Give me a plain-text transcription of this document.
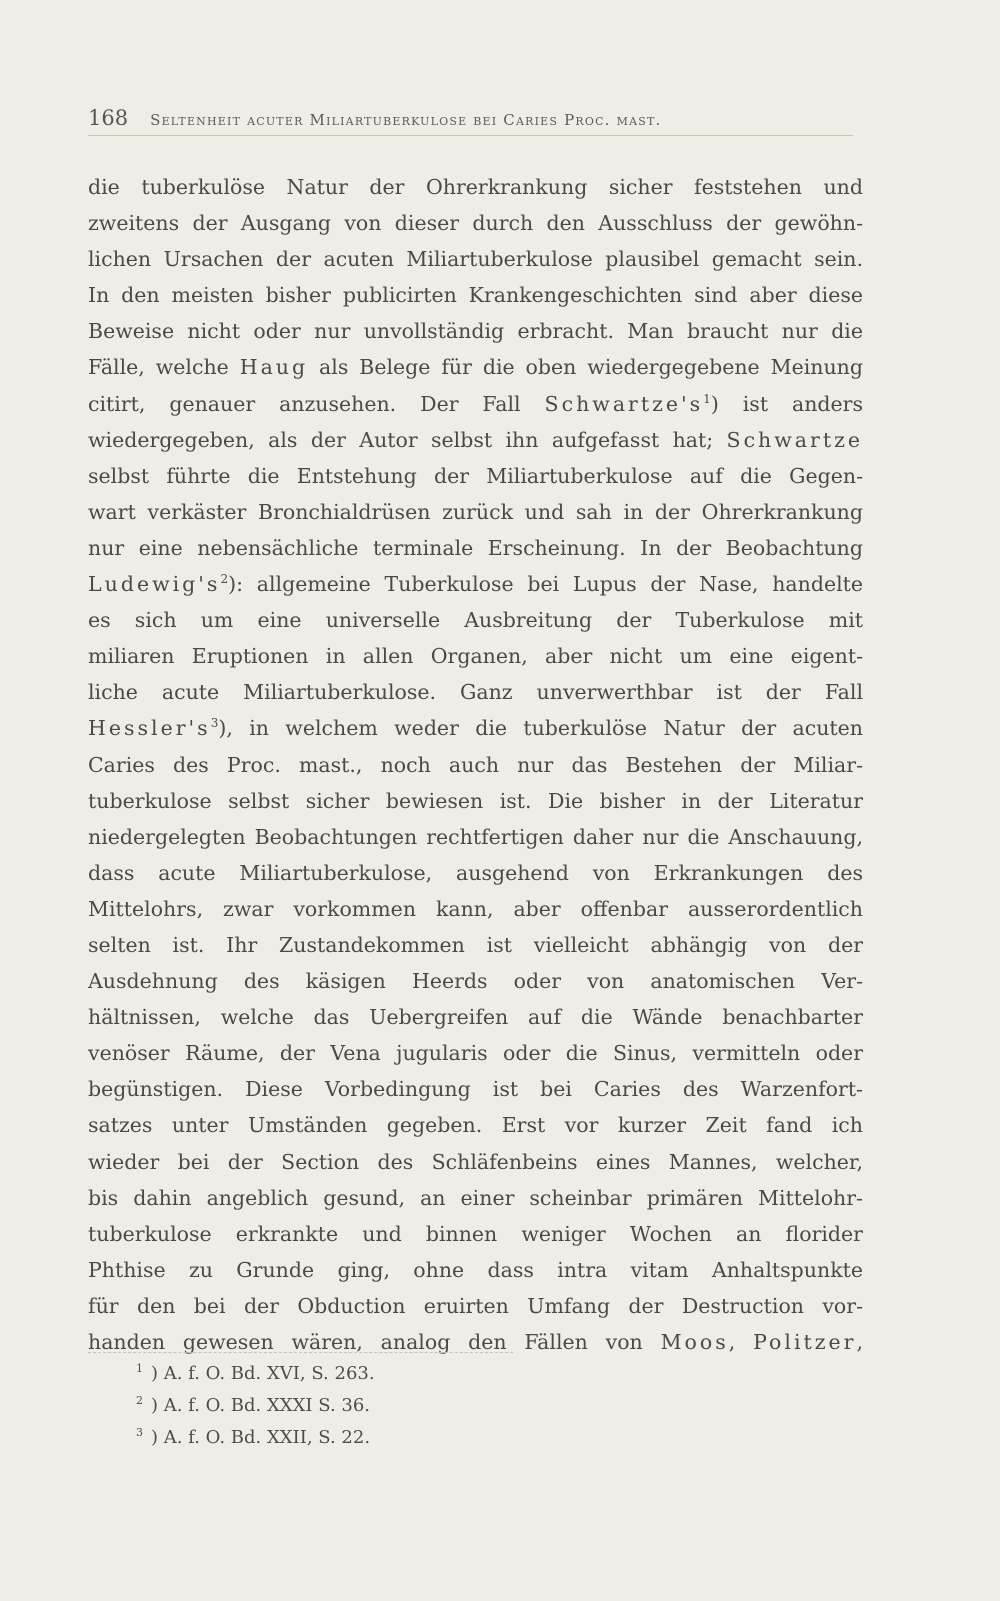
168 Seltenheit acuter Miliartuberkulose bei Caries Proc. mast.
die tuberkulöse Natur der Ohrerkrankung sicher feststehen und
zweitens der Ausgang von dieser durch den Ausschluss der gewöhn-
lichen Ursachen der acuten Miliartuberkulose plausibel gemacht sein.
In den meisten bisher publicirten Krankengeschichten sind aber diese
Beweise nicht oder nur unvollständig erbracht. Man braucht nur die
Fälle, welche Haug als Belege für die oben wiedergegebene Meinung
citirt, genauer anzusehen. Der Fall $Schwartze's^1$) ist anders
wiedergegeben, als der Autor selbst ihn aufgefasst hat; Schwartze
selbst führte die Entstehung der Miliartuberkulose auf die Gegen-
wart verkäster Bronchialdrüsen zurück und sah in der Ohrerkrankung
nur eine nebensächliche terminale Erscheinung. In der Beobachtung
$Ludewig's^2$): allgemeine Tuberkulose bei Lupus der Nase, handelte
es sich um eine universelle Ausbreitung der Tuberkulose mit
miliaren Eruptionen in allen Organen, aber nicht um eine eigent-
liche acute Miliartuberkulose. Ganz unverwerthbar ist der Fall
$Hessler's^3$), in welchem weder die tuberkulöse Natur der acuten
Caries des Proc. mast., noch auch nur das Bestehen der Miliar-
tuberkulose selbst sicher bewiesen ist. Die bisher in der Literatur
niedergelegten Beobachtungen rechtfertigen daher nur die Anschauung,
dass acute Miliartuberkulose, ausgehend von Erkrankungen des
Mittelohrs, zwar vorkommen kann, aber offenbar ausserordentlich
selten ist. Ihr Zustandekommen ist vielleicht abhängig von der
Ausdehnung des käsigen Heerds oder von anatomischen Ver-
hältnissen, welche das Uebergreifen auf die Wände benachbarter
venöser Räume, der Vena jugularis oder die Sinus, vermitteln oder
begünstigen. Diese Vorbedingung ist bei Caries des Warzenfort-
satzes unter Umständen gegeben. Erst vor kurzer Zeit fand ich
wieder bei der Section des Schläfenbeins eines Mannes, welcher,
bis dahin angeblich gesund, an einer scheinbar primären Mittelohr-
tuberkulose erkrankte und binnen weniger Wochen an florider
Phthise zu Grunde ging, ohne dass intra vitam Anhaltspunkte
für den bei der Obduction eruirten Umfang der Destruction vor-
handen gewesen wären, analog den Fällen von Moos, Politzer,
$^1$ ) A. f. O. Bd. XVI, S. 263.
$^2$ ) A. f. O. Bd. XXXI S. 36.
$^3$ ) A. f. O. Bd. XXII, S. 22.
